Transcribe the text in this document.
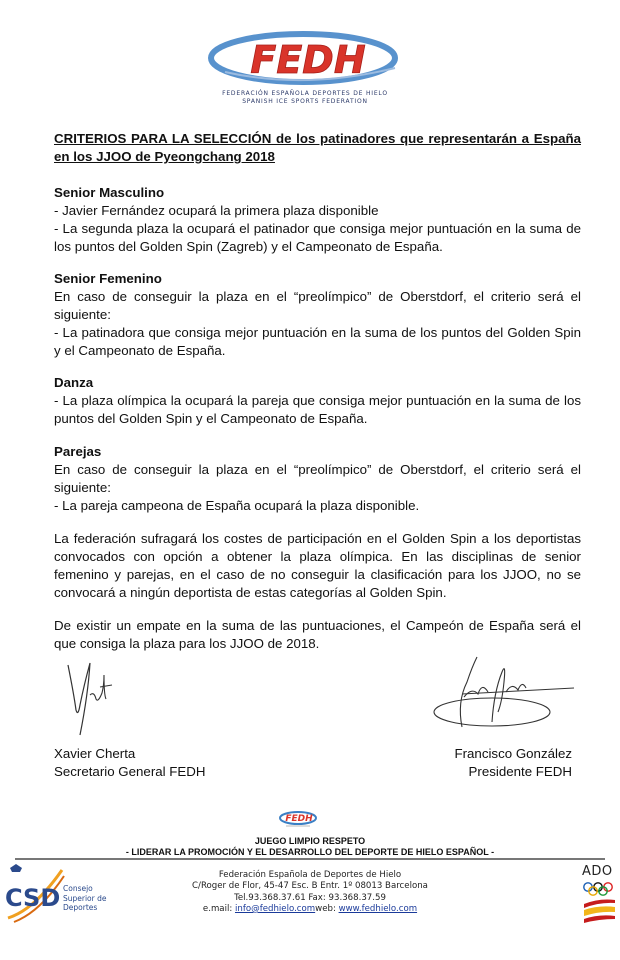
FEDH
FEDERACIÓN ESPAÑOLA DEPORTES DE HIELO
SPANISH ICE SPORTS FEDERATION
CRITERIOS PARA LA SELECCIÓN de los patinadores que representarán a España en los JJOO de Pyeongchang 2018
Senior Masculino
- Javier Fernández ocupará la primera plaza disponible
- La segunda plaza la ocupará el patinador que consiga mejor puntuación en la suma de los puntos del Golden Spin (Zagreb) y el Campeonato de España.
Senior Femenino
En caso de conseguir la plaza en el “preolímpico” de Oberstdorf, el criterio será el siguiente:
- La patinadora que consiga mejor puntuación en la suma de los puntos del Golden Spin y el Campeonato de España.
Danza
- La plaza olímpica la ocupará la pareja que consiga mejor puntuación en la suma de los puntos del Golden Spin y el Campeonato de España.
Parejas
En caso de conseguir la plaza en el “preolímpico” de Oberstdorf, el criterio será el siguiente:
- La pareja campeona de España ocupará la plaza disponible.
La federación sufragará los costes de participación en el Golden Spin a los deportistas convocados con opción a obtener la plaza olímpica. En las disciplinas de senior femenino y parejas, en el caso de no conseguir la clasificación para los JJOO, no se convocará a ningún deportista de estas categorías al Golden Spin.
De existir un empate en la suma de las puntuaciones, el Campeón de España será el que consiga la plaza para los JJOO de 2018.
Xavier Cherta
Secretario General FEDH
Francisco González
Presidente FEDH
FEDH
JUEGO LIMPIO RESPETO
- LIDERAR LA PROMOCIÓN Y EL DESARROLLO DEL DEPORTE DE HIELO ESPAÑOL -
CSD Consejo
Superior de
Deportes
Federación Española de Deportes de Hielo
C/Roger de Flor, 45-47 Esc. B Entr. 1º 08013 Barcelona
Tel.93.368.37.61 Fax: 93.368.37.59
e.mail: info@fedhielo.comweb: www.fedhielo.com
ADO
